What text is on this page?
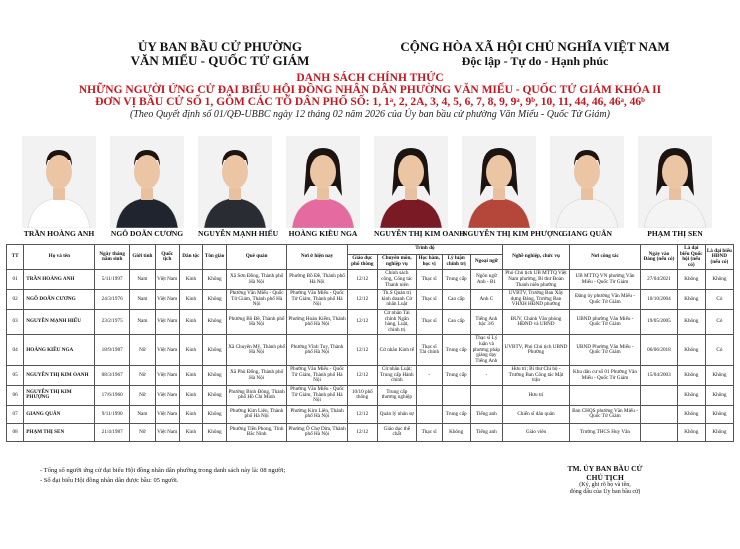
ỦY BAN BẦU CỬ PHƯỜNG
VĂN MIẾU - QUỐC TỬ GIÁM
CỘNG HÒA XÃ HỘI CHỦ NGHĨA VIỆT NAM
Độc lập - Tự do - Hạnh phúc
DANH SÁCH CHÍNH THỨC
NHỮNG NGƯỜI ỨNG CỬ ĐẠI BIỂU HỘI ĐỒNG NHÂN DÂN PHƯỜNG VĂN MIẾU - QUỐC TỬ GIÁM KHÓA II
ĐƠN VỊ BẦU CỬ SỐ 1, GỒM CÁC TỔ DÂN PHỐ SỐ: 1, 1ᵃ, 2, 2A, 3, 4, 5, 6, 7, 8, 9, 9ᵃ, 9ᵇ, 10, 11, 44, 46, 46ᵃ, 46ᵇ
(Theo Quyết định số 01/QĐ-UBBC ngày 12 tháng 02 năm 2026 của Ủy ban bầu cử phường Văn Miếu - Quốc Tử Giám)
TRẦN HOÀNG ANH NGÔ DOÃN CƯƠNG NGUYỄN MẠNH HIẾU	HOÀNG KIỀU NGA	NGUYỄN THỊ KIM OANH
NGUYỄN THỊ KIM PHƯỢNG
GIANG QUÂN	PHẠM THỊ SEN
TT	Họ và tên	Ngày tháng năm sinh	Giới tính	Quốc tịch	Dân tộc	Tôn giáo	Quê quán	Nơi ở hiện nay	Trình độ					Nghề nghiệp, chức vụ	Nơi công tác	Ngày vào Đảng (nếu có)	Là đại biểu Quốc hội (nếu có)	Là đại biểu HĐND (nếu có)
									Giáo dục phổ thông	Chuyên môn, nghiệp vụ	Học hàm, học vị	Lý luận chính trị	Ngoại ngữ					
01	TRẦN HOÀNG ANH	5/11/1997	Nam	Việt Nam	Kinh	Không	Xã Sơn Đồng, Thành phố Hà Nội	Phường Bồ Đề, Thành phố Hà Nội	12/12	Chính sách công, Công tác Thanh niên	Thạc sĩ	Trung cấp	Ngôn ngữ Anh - B1	Phó Chủ tịch UB MTTQ Việt Nam phường, Bí thư Đoàn Thanh niên phường	UB MTTQ VN phường Văn Miếu - Quốc Tử Giám	27/04/2021	Không	Không
02	NGÔ DOÃN CƯƠNG	24/3/1976	Nam	Việt Nam	Kinh	Không	Phường Văn Miếu - Quốc Tử Giám, Thành phố Hà Nội	Phường Văn Miếu - Quốc Tử Giám, Thành phố Hà Nội	12/12	Th.S Quản trị kinh doanh Cử nhân Luật	Thạc sĩ	Cao cấp	Anh C	UVBTV, Trưởng Ban Xây dựng Đảng, Trưởng Ban VHXH HĐND phường	Đảng ủy phường Văn Miếu - Quốc Tử Giám	10/10/2004	Không	Có
03	NGUYỄN MẠNH HIẾU	23/2/1975	Nam	Việt Nam	Kinh	Không	Phường Bồ Đề, Thành phố Hà Nội	Phường Hoàn Kiếm, Thành phố Hà Nội	12/12	Cử nhân Tài chính Ngân hàng, Luật, chính trị	Thạc sĩ	Cao cấp	Tiếng Anh bậc 3/6	ĐUV, Chánh Văn phòng HĐND và UBND	UBND phường Văn Miếu - Quốc Tử Giám	19/05/2005	Không	Có
04	HOÀNG KIỀU NGA	18/9/1987	Nữ	Việt Nam	Kinh	Không	Xã Chuyên Mỹ, Thành phố Hà Nội	Phường Vĩnh Tuy, Thành phố Hà Nội	12/12	Cử nhân Kinh tế	Thạc sĩ Tài chính	Trung cấp	Thạc sĩ Lý luận và phương pháp giảng dạy Tiếng Anh	UVBTV, Phó Chủ tịch UBND Phường	UBND Phường Văn Miếu - Quốc Tử Giám	06/06/2018	Không	Có
05	NGUYỄN THỊ KIM OANH	08/3/1967	Nữ	Việt Nam	Kinh	Không	Xã Phù Đổng, Thành phố Hà Nội	Phường Văn Miếu - Quốc Tử Giám, Thành phố Hà Nội	12/12	Cử nhân Luật; Trung cấp Hành chính	-	Trung cấp	-	Hưu trí; Bí thư Chi bộ - Trưởng Ban Công tác Mặt trận	Khu dân cư số 01 Phường Văn Miếu - Quốc Tử Giám	15/04/2003	Không	Không
06	NGUYỄN THỊ KIM PHƯỢNG	17/6/1960	Nữ	Việt Nam	Kinh	Không	Phường Bình Đông, Thành phố Hồ Chí Minh	Phường Văn Miếu - Quốc Tử Giám, Thành phố Hà Nội	10/10 phổ thông	Trung cấp thương nghiệp				Hưu trí			Không	Không
07	GIANG QUÂN	9/11/1990	Nam	Việt Nam	Kinh	Không	Phường Kim Liên, Thành phố Hà Nội	Phường Kim Liên, Thành phố Hà Nội	12/12	Quản lý nhân sự		Trung cấp	Tiếng anh	Chiến sĩ dân quân	Ban CHQS phường Văn Miếu - Quốc Tử Giám		Không	Không
08	PHẠM THỊ SEN	21/4/1987	Nữ	Việt Nam	Kinh	Không	Phường Tiền Phong, Tỉnh Bắc Ninh	Phường Ô Chợ Dừa, Thành phố Hà Nội	12/12	Giáo dục thể chất	Thạc sĩ	Không	Tiếng anh	Giáo viên	Trường THCS Huy Văn		Không	Không
- Tổng số người ứng cử đại biểu Hội đồng nhân dân phường trong danh sách này là: 08 người;
- Số đại biểu Hội đồng nhân dân được bầu: 05 người.
TM. ỦY BAN BẦU CỬ
CHỦ TỊCH
(Ký, ghi rõ họ và tên,
đóng dấu của Ủy ban bầu cử)
